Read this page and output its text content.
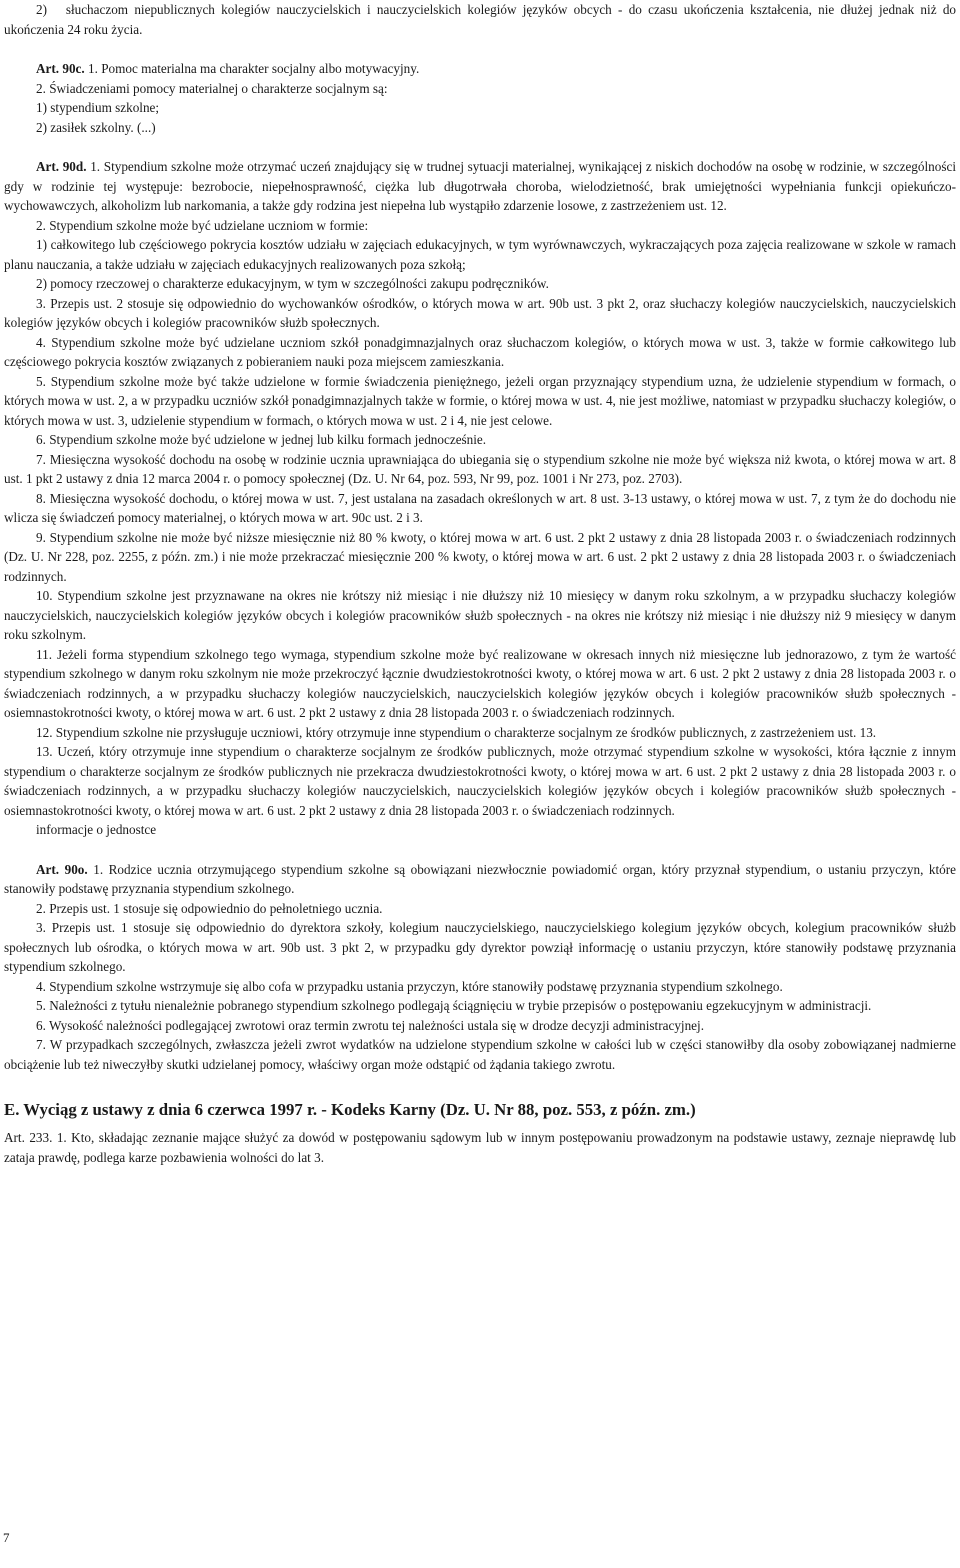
2) słuchaczom niepublicznych kolegiów nauczycielskich i nauczycielskich kolegiów języków obcych - do czasu ukończenia kształcenia, nie dłużej jednak niż do ukończenia 24 roku życia.

Art. 90c. 1. Pomoc materialna ma charakter socjalny albo motywacyjny.

2. Świadczeniami pomocy materialnej o charakterze socjalnym są:

1) stypendium szkolne;

2) zasiłek szkolny. (...)

Art. 90d. 1. Stypendium szkolne może otrzymać uczeń znajdujący się w trudnej sytuacji materialnej, wynikającej z niskich dochodów na osobę w rodzinie, w szczególności gdy w rodzinie tej występuje: bezrobocie, niepełnosprawność, ciężka lub długotrwała choroba, wielodzietność, brak umiejętności wypełniania funkcji opiekuńczo-wychowawczych, alkoholizm lub narkomania, a także gdy rodzina jest niepełna lub wystąpiło zdarzenie losowe, z zastrzeżeniem ust. 12.

2. Stypendium szkolne może być udzielane uczniom w formie:

1) całkowitego lub częściowego pokrycia kosztów udziału w zajęciach edukacyjnych, w tym wyrównawczych, wykraczających poza zajęcia realizowane w szkole w ramach planu nauczania, a także udziału w zajęciach edukacyjnych realizowanych poza szkołą;

2) pomocy rzeczowej o charakterze edukacyjnym, w tym w szczególności zakupu podręczników.

3. Przepis ust. 2 stosuje się odpowiednio do wychowanków ośrodków, o których mowa w art. 90b ust. 3 pkt 2, oraz słuchaczy kolegiów nauczycielskich, nauczycielskich kolegiów języków obcych i kolegiów pracowników służb społecznych.

4. Stypendium szkolne może być udzielane uczniom szkół ponadgimnazjalnych oraz słuchaczom kolegiów, o których mowa w ust. 3, także w formie całkowitego lub częściowego pokrycia kosztów związanych z pobieraniem nauki poza miejscem zamieszkania.

5. Stypendium szkolne może być także udzielone w formie świadczenia pieniężnego, jeżeli organ przyznający stypendium uzna, że udzielenie stypendium w formach, o których mowa w ust. 2, a w przypadku uczniów szkół ponadgimnazjalnych także w formie, o której mowa w ust. 4, nie jest możliwe, natomiast w przypadku słuchaczy kolegiów, o których mowa w ust. 3, udzielenie stypendium w formach, o których mowa w ust. 2 i 4, nie jest celowe.

6. Stypendium szkolne może być udzielone w jednej lub kilku formach jednocześnie.

7. Miesięczna wysokość dochodu na osobę w rodzinie ucznia uprawniająca do ubiegania się o stypendium szkolne nie może być większa niż kwota, o której mowa w art. 8 ust. 1 pkt 2 ustawy z dnia 12 marca 2004 r. o pomocy społecznej (Dz. U. Nr 64, poz. 593, Nr 99, poz. 1001 i Nr 273, poz. 2703).

8. Miesięczna wysokość dochodu, o której mowa w ust. 7, jest ustalana na zasadach określonych w art. 8 ust. 3-13 ustawy, o której mowa w ust. 7, z tym że do dochodu nie wlicza się świadczeń pomocy materialnej, o których mowa w art. 90c ust. 2 i 3.

9. Stypendium szkolne nie może być niższe miesięcznie niż 80 % kwoty, o której mowa w art. 6 ust. 2 pkt 2 ustawy z dnia 28 listopada 2003 r. o świadczeniach rodzinnych (Dz. U. Nr 228, poz. 2255, z późn. zm.) i nie może przekraczać miesięcznie 200 % kwoty, o której mowa w art. 6 ust. 2 pkt 2 ustawy z dnia 28 listopada 2003 r. o świadczeniach rodzinnych.

10. Stypendium szkolne jest przyznawane na okres nie krótszy niż miesiąc i nie dłuższy niż 10 miesięcy w danym roku szkolnym, a w przypadku słuchaczy kolegiów nauczycielskich, nauczycielskich kolegiów języków obcych i kolegiów pracowników służb społecznych - na okres nie krótszy niż miesiąc i nie dłuższy niż 9 miesięcy w danym roku szkolnym.

11. Jeżeli forma stypendium szkolnego tego wymaga, stypendium szkolne może być realizowane w okresach innych niż miesięczne lub jednorazowo, z tym że wartość stypendium szkolnego w danym roku szkolnym nie może przekroczyć łącznie dwudziestokrotności kwoty, o której mowa w art. 6 ust. 2 pkt 2 ustawy z dnia 28 listopada 2003 r. o świadczeniach rodzinnych, a w przypadku słuchaczy kolegiów nauczycielskich, nauczycielskich kolegiów języków obcych i kolegiów pracowników służb społecznych - osiemnastokrotności kwoty, o której mowa w art. 6 ust. 2 pkt 2 ustawy z dnia 28 listopada 2003 r. o świadczeniach rodzinnych.

12. Stypendium szkolne nie przysługuje uczniowi, który otrzymuje inne stypendium o charakterze socjalnym ze środków publicznych, z zastrzeżeniem ust. 13.

13. Uczeń, który otrzymuje inne stypendium o charakterze socjalnym ze środków publicznych, może otrzymać stypendium szkolne w wysokości, która łącznie z innym stypendium o charakterze socjalnym ze środków publicznych nie przekracza dwudziestokrotności kwoty, o której mowa w art. 6 ust. 2 pkt 2 ustawy z dnia 28 listopada 2003 r. o świadczeniach rodzinnych, a w przypadku słuchaczy kolegiów nauczycielskich, nauczycielskich kolegiów języków obcych i kolegiów pracowników służb społecznych - osiemnastokrotności kwoty, o której mowa w art. 6 ust. 2 pkt 2 ustawy z dnia 28 listopada 2003 r. o świadczeniach rodzinnych.

informacje o jednostce

Art. 90o. 1. Rodzice ucznia otrzymującego stypendium szkolne są obowiązani niezwłocznie powiadomić organ, który przyznał stypendium, o ustaniu przyczyn, które stanowiły podstawę przyznania stypendium szkolnego.

2. Przepis ust. 1 stosuje się odpowiednio do pełnoletniego ucznia.

3. Przepis ust. 1 stosuje się odpowiednio do dyrektora szkoły, kolegium nauczycielskiego, nauczycielskiego kolegium języków obcych, kolegium pracowników służb społecznych lub ośrodka, o których mowa w art. 90b ust. 3 pkt 2, w przypadku gdy dyrektor powziął informację o ustaniu przyczyn, które stanowiły podstawę przyznania stypendium szkolnego.

4. Stypendium szkolne wstrzymuje się albo cofa w przypadku ustania przyczyn, które stanowiły podstawę przyznania stypendium szkolnego.

5. Należności z tytułu nienależnie pobranego stypendium szkolnego podlegają ściągnięciu w trybie przepisów o postępowaniu egzekucyjnym w administracji.

6. Wysokość należności podlegającej zwrotowi oraz termin zwrotu tej należności ustala się w drodze decyzji administracyjnej.

7. W przypadkach szczególnych, zwłaszcza jeżeli zwrot wydatków na udzielone stypendium szkolne w całości lub w części stanowiłby dla osoby zobowiązanej nadmierne obciążenie lub też niweczyłby skutki udzielanej pomocy, właściwy organ może odstąpić od żądania takiego zwrotu.

E. Wyciąg z ustawy z dnia 6 czerwca 1997 r. - Kodeks Karny (Dz. U. Nr 88, poz. 553, z późn. zm.)

Art. 233. 1. Kto, składając zeznanie mające służyć za dowód w postępowaniu sądowym lub w innym postępowaniu prowadzonym na podstawie ustawy, zeznaje nieprawdę lub zataja prawdę, podlega karze pozbawienia wolności do lat 3.

7
